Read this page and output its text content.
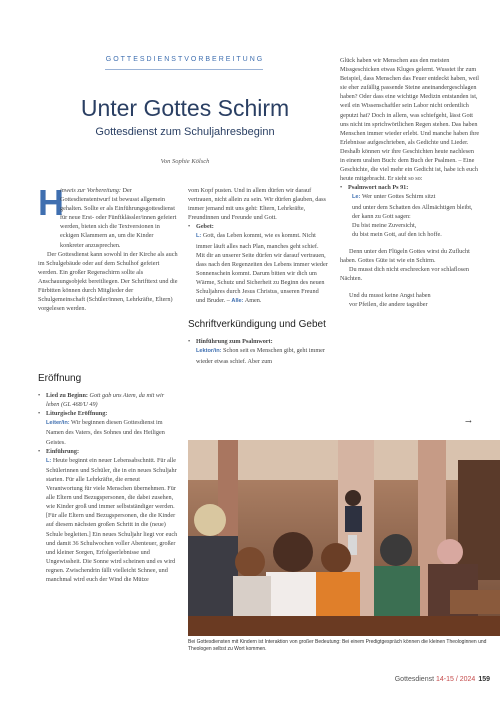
GOTTESDIENSTVORBEREITUNG
Unter Gottes Schirm
Gottesdienst zum Schuljahresbeginn
Von Sophie Kölsch
H

inweis zur Vorbereitung: Der Gottesdienstentwurf ist bewusst allgemein gehalten. Sollte er als Einführungsgottesdienst für neue Erst- oder Fünftklässler/innen gefeiert werden, bieten sich die Textversionen in eckigen Klammern an, um die Kinder konkreter anzusprechen.

Der Gottesdienst kann sowohl in der Kirche als auch im Schulgebäude oder auf dem Schulhof gefeiert werden. Ein großer Regenschirm sollte als Anschauungsobjekt bereitliegen. Der Schrifttext und die Fürbitten können durch Mitglieder der Schulgemeinschaft (Schüler/innen, Lehrkräfte, Eltern) vorgelesen werden.

Eröffnung

• Lied zu Beginn: Gott gab uns Atem, da mit wir leben (GL 468/U 49)

• Liturgische Eröffnung:
Leiter/in: Wir beginnen diesen Gottesdienst im Namen des Vaters, des Sohnes und des Heiligen Geistes.

• Einführung:
L: Heute beginnt ein neuer Lebensabschnitt. Für alle Schülerinnen und Schüler, die in ein neues Schuljahr starten. Für alle Lehrkräfte, die erneut Verantwortung für viele Menschen übernehmen. Für alle Eltern und Bezugspersonen, die dabei zusehen, wie Kinder groß und immer selbstständiger werden. [Für alle Eltern und Bezugspersonen, die die Kinder auf diesem nächsten großen Schritt in die (neue) Schule begleiten.] Ein neues Schuljahr liegt vor euch und damit 36 Schulwochen voller Abenteuer, großer und kleiner Sorgen, Erfolgserlebnisse und Ungewissheit. Die Sonne wird scheinen und es wird regnen. Zwischendrin fällt vielleicht Schnee, und manchmal wird euch der Wind die Mütze

vom Kopf pusten. Und in allem dürfen wir darauf vertrauen, nicht allein zu sein. Wir dürfen glauben, dass immer jemand mit uns geht: Eltern, Lehrkräfte, Freundinnen und Freunde und Gott.

• Gebet:
L: Gott, das Leben kommt, wie es kommt. Nicht immer läuft alles nach Plan, manches geht schief. Mit dir an unserer Seite dürfen wir darauf vertrauen, dass nach den Regenzeiten des Lebens immer wieder Sonnenschein kommt. Darum bitten wir dich um Wärme, Schutz und Sicherheit zu Beginn des neuen Schuljahres durch Jesus Christus, unseren Freund und Bruder. – Alle: Amen.

Schriftverkündigung und Gebet

• Hinführung zum Psalmwort:
Lektor/in: Schon seit es Menschen gibt, geht immer wieder etwas schief. Aber zum

Glück haben wir Menschen aus den meisten Missgeschicken etwas Kluges gelernt. Wusstet ihr zum Beispiel, dass Menschen das Feuer entdeckt haben, weil sie eher zufällig passende Steine aneinandergeschlagen haben? Oder dass eine wichtige Medizin entstanden ist, weil ein Wissenschaftler sein Labor nicht ordentlich geputzt hat? Doch in allem, was schiefgeht, lässt Gott uns nicht im sprichwörtlichen Regen stehen. Das haben Menschen immer wieder erlebt. Und manche haben ihre Erlebnisse aufgeschrieben, als Gedichte und Lieder. Deshalb können wir ihre Geschichten heute nachlesen in einem uralten Buch: dem Buch der Psalmen. – Eine Geschichte, die viel mehr ein Gedicht ist, habe ich euch heute mitgebracht. Er sieht so so:

• Psalmwort nach Ps 91:

Lе: Wer unter Gottes Schirm sitzt

und unter dem Schatten des Allmächtigen bleibt,

der kann zu Gott sagen:

Du bist meine Zuversicht,

du bist mein Gott, auf den ich hoffe.

Denn unter den Flügeln Gottes wirst du Zuflucht haben. Gottes Güte ist wie ein Schirm.

Du musst dich nicht erschrecken vor schlaflosen Nächten.

Und du musst keine Angst haben

vor Pfeilen, die andere tagsüber

→
Bei Gottesdiensten mit Kindern ist Interaktion von großer Bedeutung: Bei einem Predigtgespräch können die kleinen Theologinnen und Theologen selbst zu Wort kommen.
Gottesdienst 14-15 / 2024 159
